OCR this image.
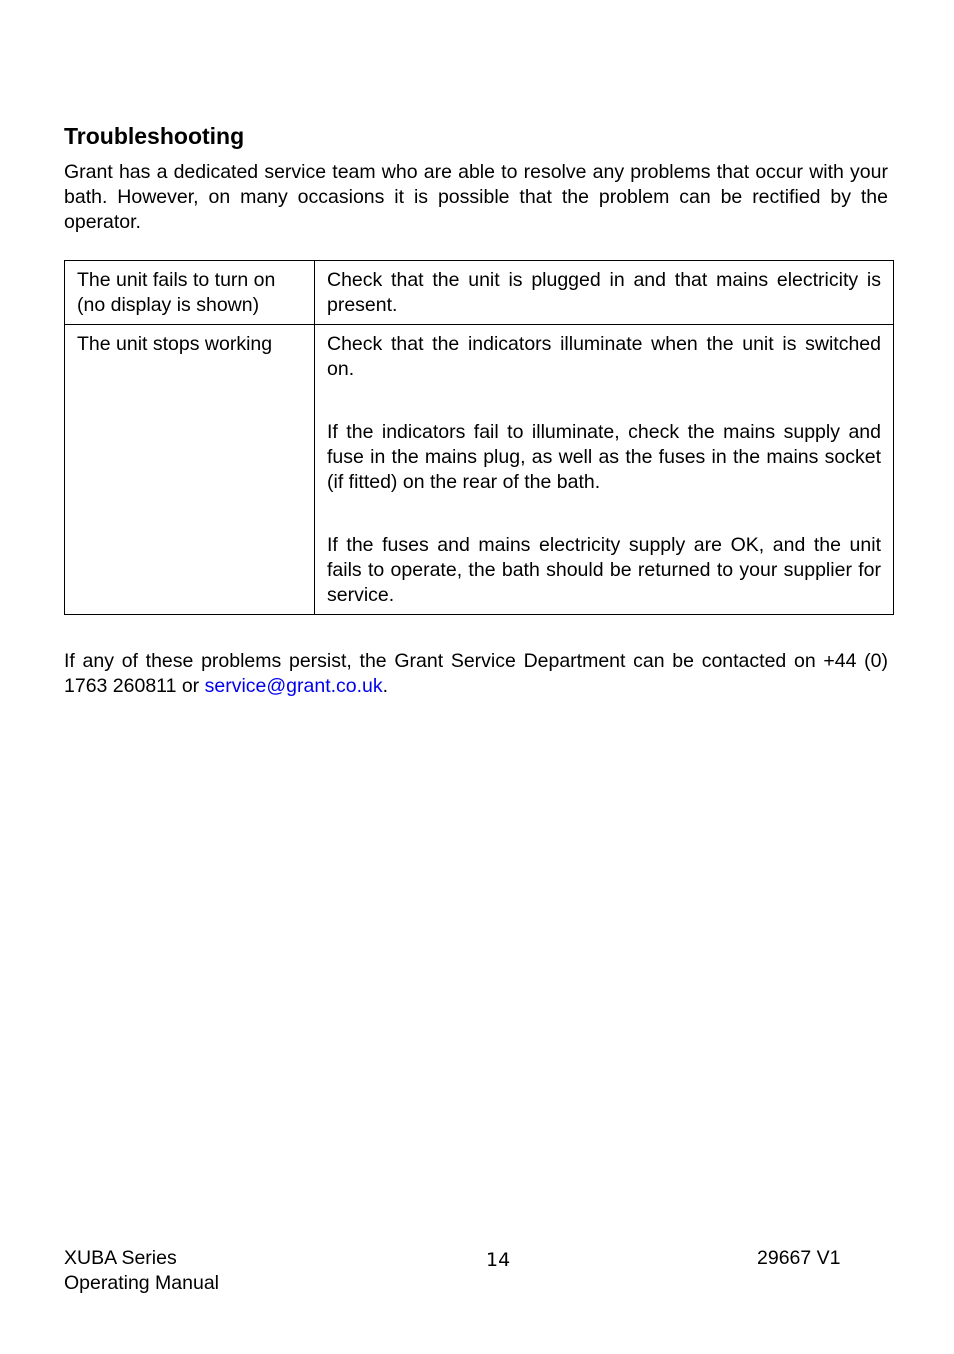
Troubleshooting

Grant has a dedicated service team who are able to resolve any problems that occur with your bath. However, on many occasions it is possible that the problem can be rectified by the operator.

The unit fails to turn on (no display is shown)	Check that the unit is plugged in and that mains electricity is present.

The unit stops working	Check that the indicators illuminate when the unit is switched on.

If the indicators fail to illuminate, check the mains supply and fuse in the mains plug, as well as the fuses in the mains socket (if fitted) on the rear of the bath.

If the fuses and mains electricity supply are OK, and the unit fails to operate, the bath should be returned to your supplier for service.

If any of these problems persist, the Grant Service Department can be contacted on +44 (0) 1763 260811 or service@grant.co.uk.

XUBA Series
Operating Manual
14	29667 V1
